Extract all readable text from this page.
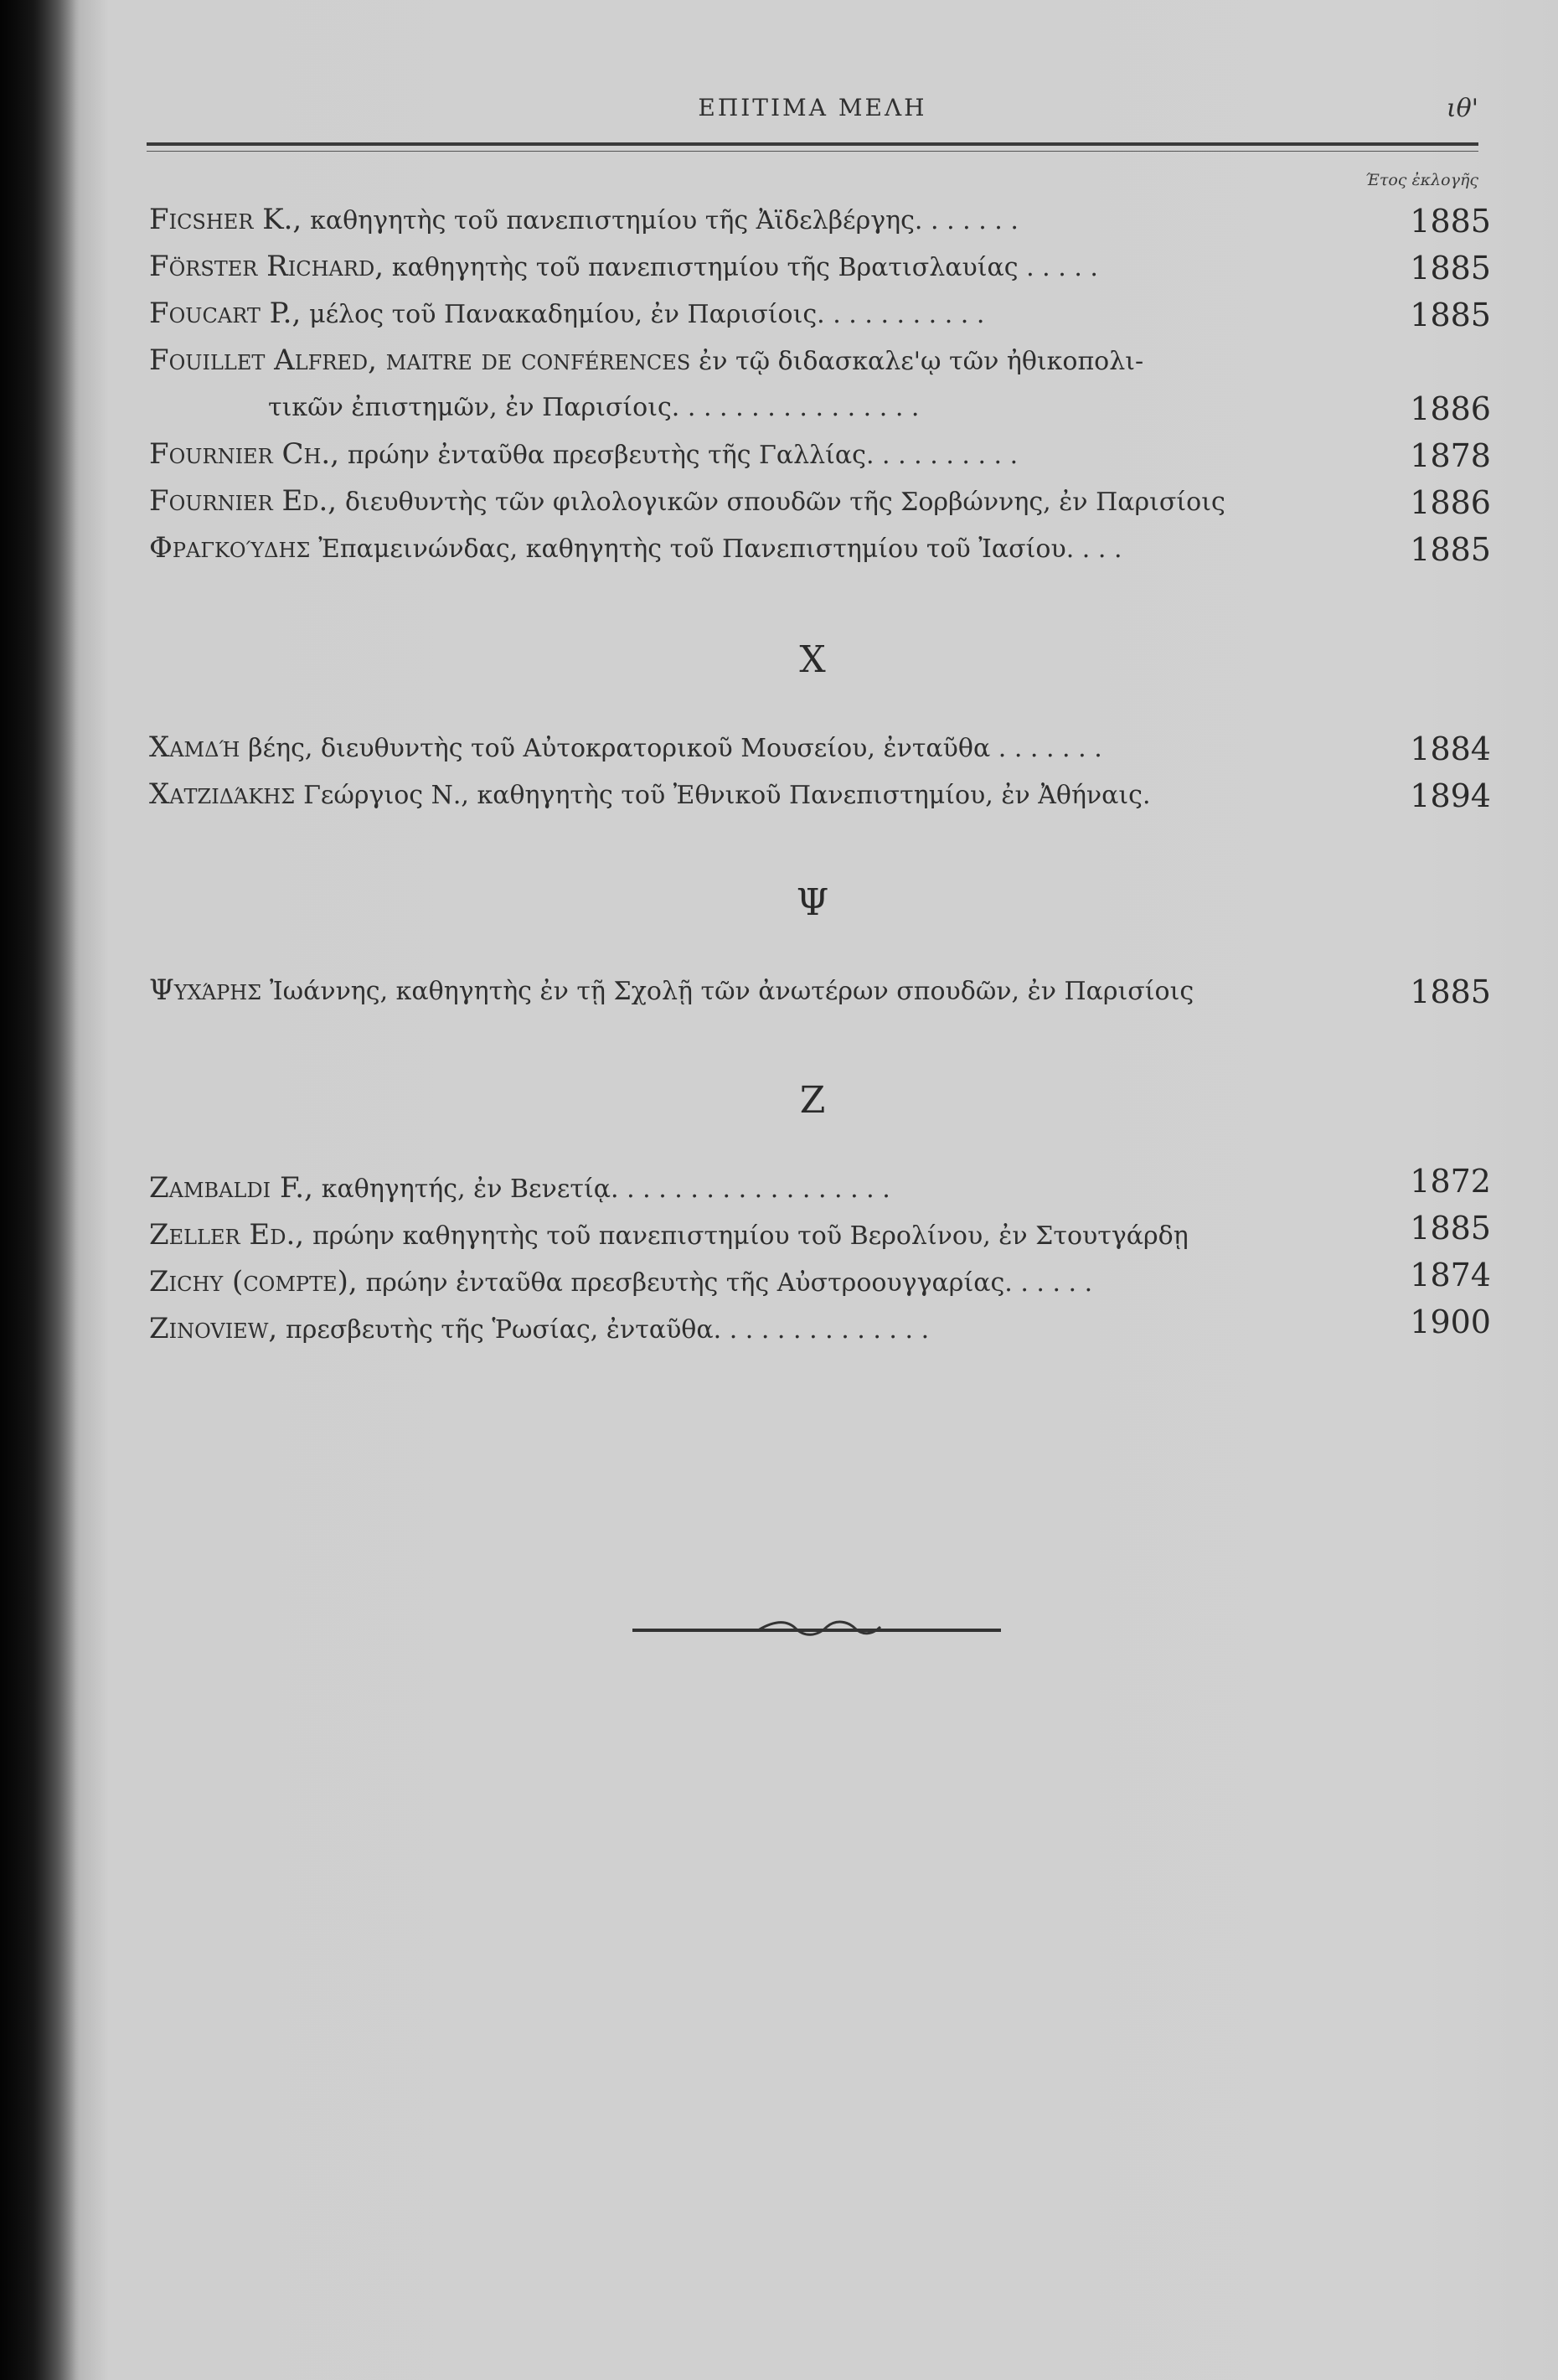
ΕΠΙΤΙΜΑ ΜΕΛΗ	ιθ'
Έτος ἐκλογῆς
Ficsher K., καθηγητὴς τοῦ πανεπιστημίου τῆς Ἀϊδελβέργης. . . . . . .	1885
Förster Richard, καθηγητὴς τοῦ πανεπιστημίου τῆς Βρατισλαυίας . . . . .	1885
Foucart P., μέλος τοῦ Πανακαδημίου, ἐν Παρισίοις. . . . . . . . . . .	1885
Fouillet Alfred, maitre de conférences ἐν τῷ διδασκαλε'ῳ τῶν ἠθικοπολι-
τικῶν ἐπιστημῶν, ἐν Παρισίοις. . . . . . . . . . . . . . . .	1886
Fournier Ch., πρώην ἐνταῦθα πρεσβευτὴς τῆς Γαλλίας. . . . . . . . . .	1878
Fournier Ed., διευθυντὴς τῶν φιλολογικῶν σπουδῶν τῆς Σορβώννης, ἐν Παρισίοις	1886
Φραγκούδης Ἐπαμεινώνδας, καθηγητὴς τοῦ Πανεπιστημίου τοῦ Ἰασίου. . . .	1885
X
Χαμδή βέης, διευθυντὴς τοῦ Αὐτοκρατορικοῦ Μουσείου, ἐνταῦθα . . . . . . .	1884
Χατζιδάκης Γεώργιος Ν., καθηγητὴς τοῦ Ἐθνικοῦ Πανεπιστημίου, ἐν Ἀθήναις.	1894
Ψ
Ψυχάρης Ἰωάννης, καθηγητὴς ἐν τῇ Σχολῇ τῶν ἀνωτέρων σπουδῶν, ἐν Παρισίοις	1885
Z
Zambaldi F., καθηγητής, ἐν Βενετίᾳ. . . . . . . . . . . . . . . . . .	1872
Zeller Ed., πρώην καθηγητὴς τοῦ πανεπιστημίου τοῦ Βερολίνου, ἐν Στουτγάρδῃ	1885
Zichy (compte), πρώην ἐνταῦθα πρεσβευτὴς τῆς Αὐστροουγγαρίας. . . . . .	1874
Zinoview, πρεσβευτὴς τῆς Ῥωσίας, ἐνταῦθα. . . . . . . . . . . . . .	1900
